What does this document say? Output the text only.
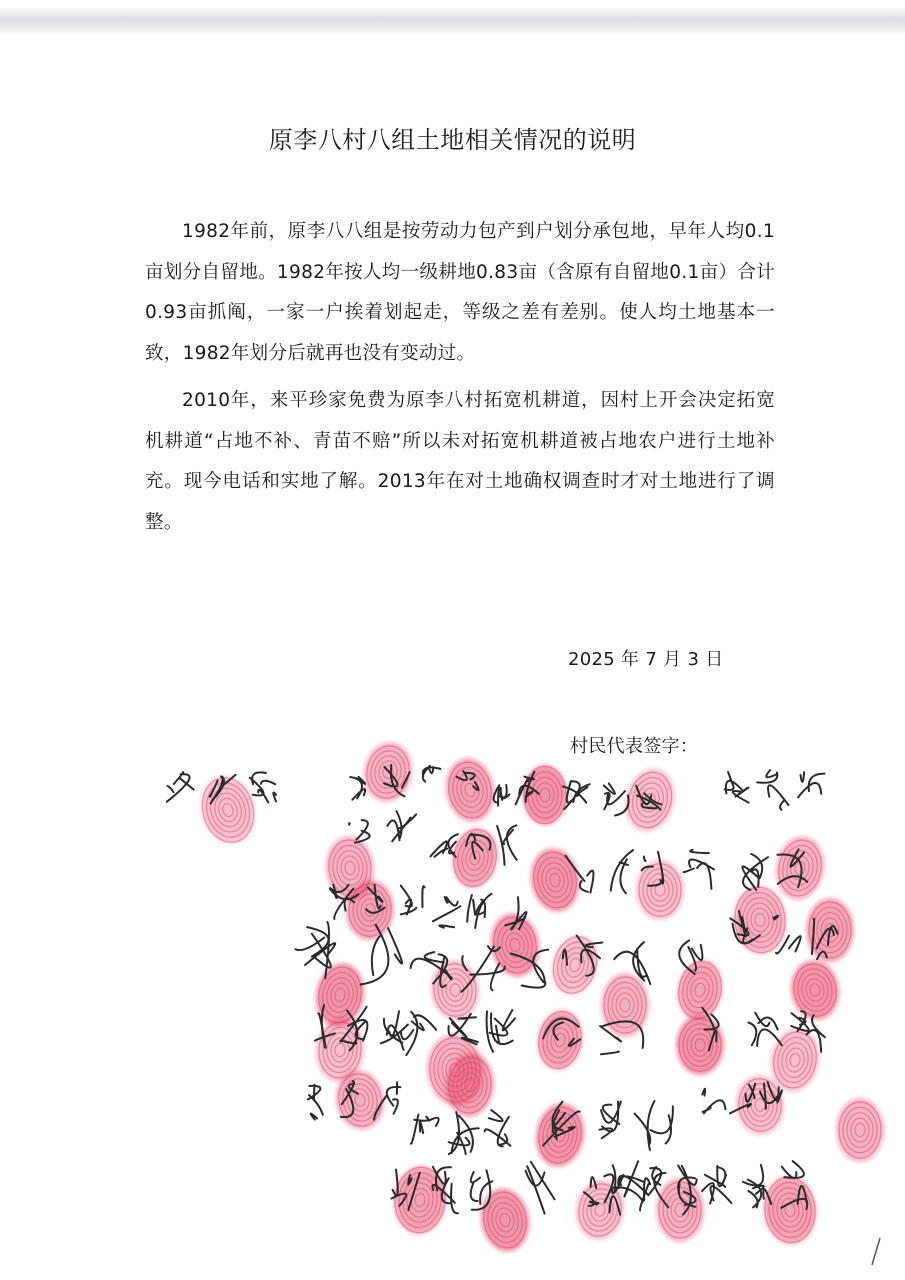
原李八村八组土地相关情况的说明

1982年前，原李八八组是按劳动力包产到户划分承包地，早年人均0.1亩划分自留地。1982年按人均一级耕地0.83亩（含原有自留地0.1亩）合计0.93亩抓阄，一家一户挨着划起走，等级之差有差别。使人均土地基本一致，1982年划分后就再也没有变动过。

2010年，来平珍家免费为原李八村拓宽机耕道，因村上开会决定拓宽机耕道“占地不补、青苗不赔”所以未对拓宽机耕道被占地农户进行土地补充。现今电话和实地了解。2013年在对土地确权调查时才对土地进行了调整。

2025 年 7 月 3 日
村民代表签字：
